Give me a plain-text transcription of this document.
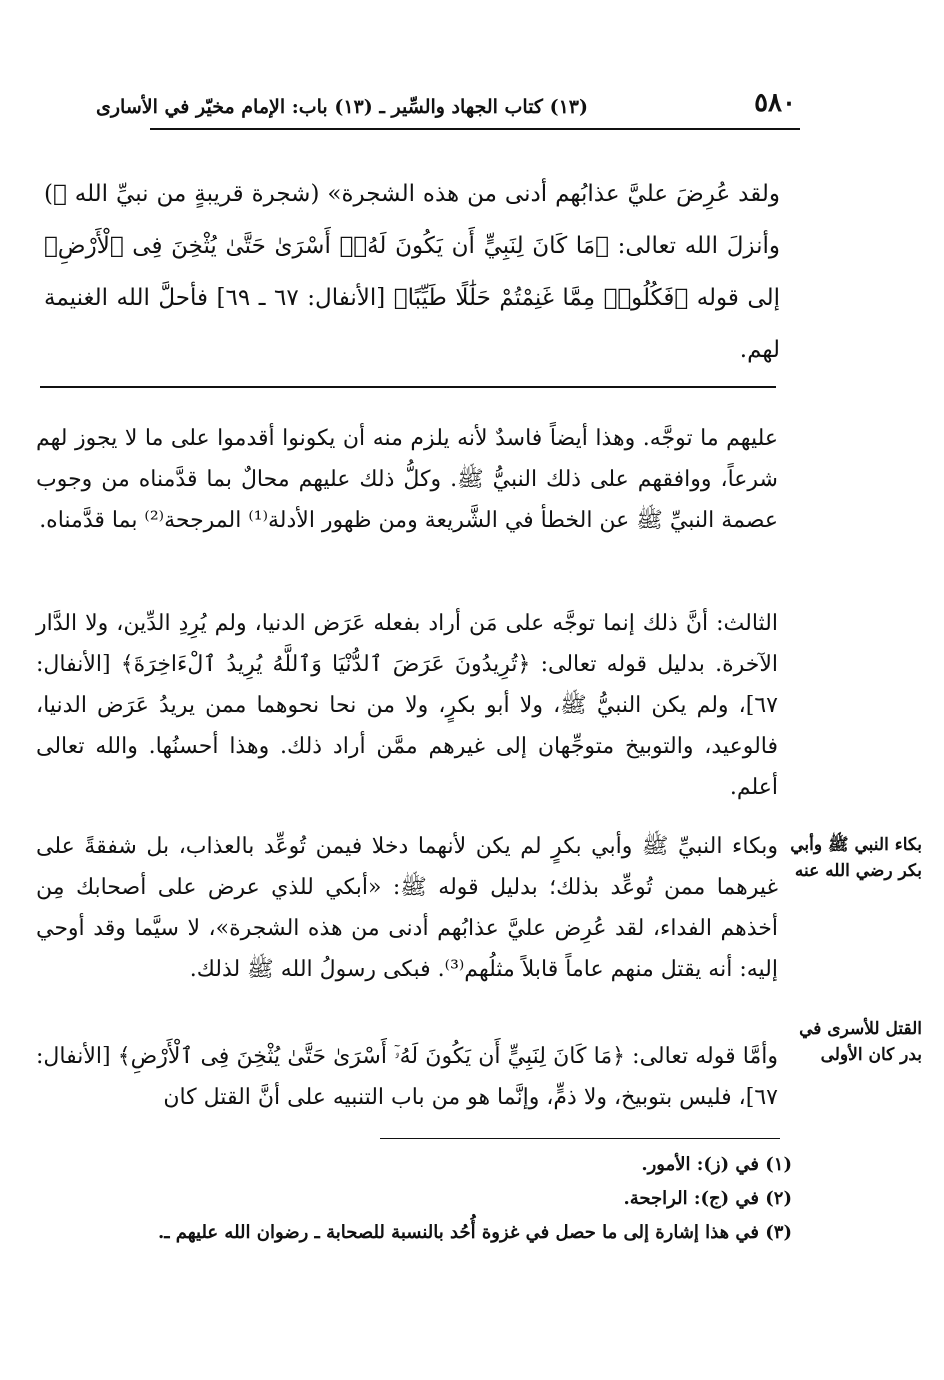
٥٨٠
(١٣) كتاب الجهاد والسِّير ـ (١٣) باب: الإمام مخيّر في الأسارى
ولقد عُرِضَ عليَّ عذابُهم أدنى من هذه الشجرة» (شجرة قريبةٍ من نبيِّ الله ﷺ) وأنزلَ الله تعالى: ﴿مَا كَانَ لِنَبِيٍّ أَن يَكُونَ لَهُۥٓ أَسْرَىٰ حَتَّىٰ يُثْخِنَ فِى ٱلْأَرْضِ﴾ إلى قوله ﴿فَكُلُوا۟ مِمَّا غَنِمْتُمْ حَلَٰلًا طَيِّبًا﴾ [الأنفال: ٦٧ ـ ٦٩] فأحلَّ الله الغنيمة لهم.
عليهم ما توجَّه. وهذا أيضاً فاسدٌ لأنه يلزم منه أن يكونوا أقدموا على ما لا يجوز لهم شرعاً، ووافقهم على ذلك النبيُّ ﷺ. وكلُّ ذلك عليهم محالٌ بما قدَّمناه من وجوب عصمة النبيِّ ﷺ عن الخطأ في الشَّريعة ومن ظهور الأدلة⁽¹⁾ المرجحة⁽²⁾ بما قدَّمناه.
الثالث: أنَّ ذلك إنما توجَّه على مَن أراد بفعله عَرَض الدنيا، ولم يُرِدِ الدِّين، ولا الدَّار الآخرة. بدليل قوله تعالى: ﴿تُرِيدُونَ عَرَضَ ٱلدُّنْيَا وَٱللَّهُ يُرِيدُ ٱلْءَاخِرَةَ﴾ [الأنفال: ٦٧]، ولم يكن النبيُّ ﷺ، ولا أبو بكرٍ، ولا من نحا نحوهما ممن يريدُ عَرَض الدنيا، فالوعيد، والتوبيخ متوجِّهان إلى غيرهم ممَّن أراد ذلك. وهذا أحسنُها. والله تعالى أعلم.
وبكاء النبيِّ ﷺ وأبي بكرٍ لم يكن لأنهما دخلا فيمن تُوعِّد بالعذاب، بل شفقةً على غيرهما ممن تُوعِّد بذلك؛ بدليل قوله ﷺ: «أبكي للذي عرض على أصحابك مِن أخذهم الفداء، لقد عُرِض عليَّ عذابُهم أدنى من هذه الشجرة»، لا سيَّما وقد أوحي إليه: أنه يقتل منهم عاماً قابلاً مثلُهم⁽³⁾. فبكى رسولُ الله ﷺ لذلك.
وأمَّا قوله تعالى: ﴿مَا كَانَ لِنَبِيٍّ أَن يَكُونَ لَهُۥٓ أَسْرَىٰ حَتَّىٰ يُثْخِنَ فِى ٱلْأَرْضِ﴾ [الأنفال: ٦٧]، فليس بتوبيخ، ولا ذمٍّ، وإنَّما هو من باب التنبيه على أنَّ القتل كان
بكاء النبي ﷺ وأبي بكر رضي الله عنه
القتل للأسرى في بدر كان الأولى
(١) في (ز): الأمور.
(٢) في (ج): الراجحة.
(٣) في هذا إشارة إلى ما حصل في غزوة أُحُد بالنسبة للصحابة ـ رضوان الله عليهم ـ.
